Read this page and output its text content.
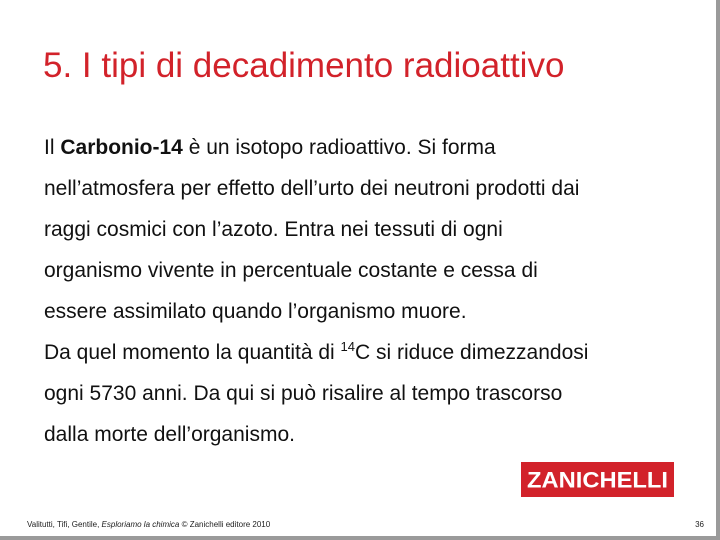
5. I tipi di decadimento radioattivo

Il Carbonio-14 è un isotopo radioattivo. Si forma
nell’atmosfera per effetto dell’urto dei neutroni prodotti dai
raggi cosmici con l’azoto. Entra nei tessuti di ogni
organismo vivente in percentuale costante e cessa di
essere assimilato quando l’organismo muore.

Da quel momento la quantità di $^{14}$C si riduce dimezzandosi
ogni 5730 anni. Da qui si può risalire al tempo trascorso
dalla morte dell’organismo.

ZANICHELLI
Valitutti, Tifi, Gentile, Esploriamo la chimica © Zanichelli editore 2010	36
